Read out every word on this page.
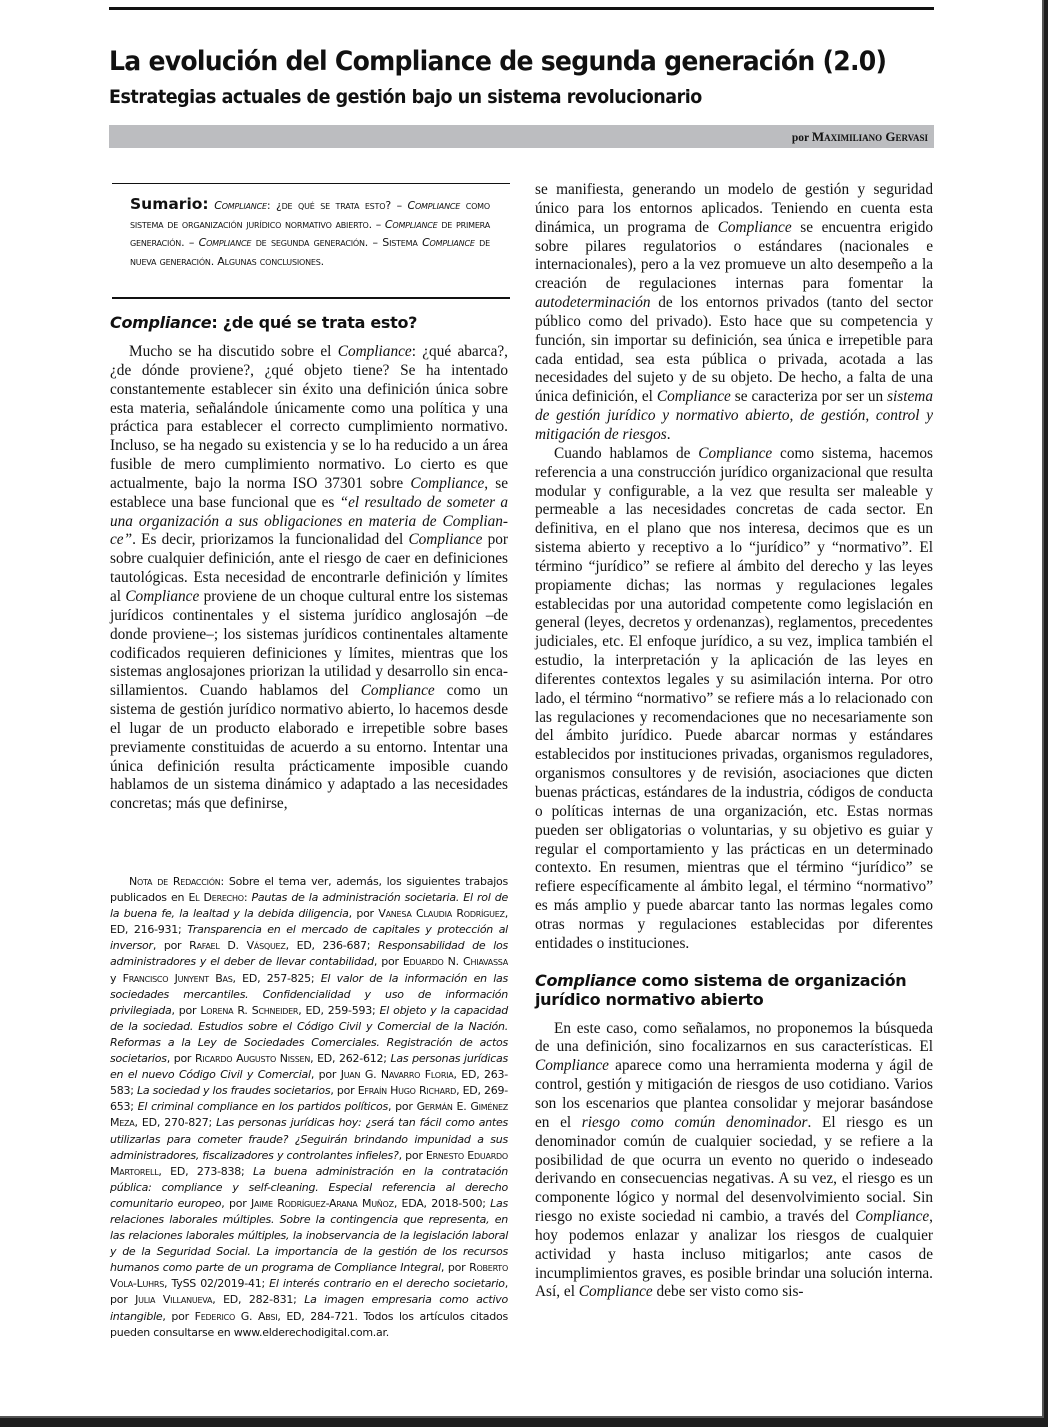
La evolución del Compliance de segunda generación (2.0)
Estrategias actuales de gestión bajo un sistema revolucionario
por Maximiliano Gervasi
Sumario: Compliance: ¿de qué se trata esto? – Compliance como sistema de organización jurídico normativo abierto. – Compliance de primera generación. – Compliance de segunda generación. – Sistema Compliance de nueva generación. Algunas conclusiones.
Compliance: ¿de qué se trata esto?

Mucho se ha discutido sobre el Compliance: ¿qué abarca?, ¿de dónde proviene?, ¿qué objeto tiene? Se ha intentado constantemente establecer sin éxito una definición única sobre esta materia, señalándole únicamente como una política y una práctica para establecer el correcto cumplimiento normativo. Incluso, se ha negado su existencia y se lo ha reducido a un área fusible de mero cumplimiento normativo. Lo cierto es que actualmente, bajo la norma ISO 37301 sobre Compliance, se establece una base funcional que es “el resultado de someter a una organización a sus obligaciones en materia de Compliance”. Es decir, priorizamos la funcionalidad del Compliance por sobre cualquier definición, ante el riesgo de caer en definiciones tautológicas. Esta necesidad de encontrarle definición y límites al Compliance proviene de un choque cultural entre los sistemas jurídicos continentales y el sistema jurídico anglosajón –de donde proviene–; los sistemas jurídicos continentales altamente codificados requieren definiciones y límites, mientras que los sistemas anglosajones priorizan la utilidad y desarrollo sin encasillamientos. Cuando hablamos del Compliance como un sistema de gestión jurídico normativo abierto, lo hacemos desde el lugar de un producto elaborado e irrepetible sobre bases previamente constituidas de acuerdo a su entorno. Intentar una única definición resulta prácticamente imposible cuando hablamos de un sistema dinámico y adaptado a las necesidades concretas; más que definirse,

Nota de Redacción: Sobre el tema ver, además, los siguientes trabajos publicados en El Derecho: Pautas de la administración societaria. El rol de la buena fe, la lealtad y la debida diligencia, por Vanesa Claudia Rodríguez, ED, 216-931; Transparencia en el mercado de capitales y protección al inversor, por Rafael D. Vásquez, ED, 236-687; Responsabilidad de los administradores y el deber de llevar contabilidad, por Eduardo N. Chiavassa y Francisco Junyent Bas, ED, 257-825; El valor de la información en las sociedades mercantiles. Confidencialidad y uso de información privilegiada, por Lorena R. Schneider, ED, 259-593; El objeto y la capacidad de la sociedad. Estudios sobre el Código Civil y Comercial de la Nación. Reformas a la Ley de Sociedades Comerciales. Registración de actos societarios, por Ricardo Augusto Nissen, ED, 262-612; Las personas jurídicas en el nuevo Código Civil y Comercial, por Juan G. Navarro Floria, ED, 263-583; La sociedad y los fraudes societarios, por Efraín Hugo Richard, ED, 269-653; El criminal compliance en los partidos políticos, por Germán E. Giménez Meza, ED, 270-827; Las personas jurídicas hoy: ¿será tan fácil como antes utilizarlas para cometer fraude? ¿Seguirán brindando impunidad a sus administradores, fiscalizadores y controlantes infieles?, por Ernesto Eduardo Martorell, ED, 273-838; La buena administración en la contratación pública: compliance y self-cleaning. Especial referencia al derecho comunitario europeo, por Jaime Rodríguez-Arana Muñoz, EDA, 2018-500; Las relaciones laborales múltiples. Sobre la contingencia que representa, en las relaciones laborales múltiples, la inobservancia de la legislación laboral y de la Seguridad Social. La importancia de la gestión de los recursos humanos como parte de un programa de Compliance Integral, por Roberto Vola-Luhrs, TySS 02/2019-41; El interés contrario en el derecho societario, por Julia Villanueva, ED, 282-831; La imagen empresaria como activo intangible, por Federico G. Absi, ED, 284-721. Todos los artículos citados pueden consultarse en www.elderechodigital.com.ar.

se manifiesta, generando un modelo de gestión y seguridad único para los entornos aplicados. Teniendo en cuenta esta dinámica, un programa de Compliance se encuentra erigido sobre pilares regulatorios o estándares (nacionales e internacionales), pero a la vez promueve un alto desempeño a la creación de regulaciones internas para fomentar la autodeterminación de los entornos privados (tanto del sector público como del privado). Esto hace que su competencia y función, sin importar su definición, sea única e irrepetible para cada entidad, sea esta pública o privada, acotada a las necesidades del sujeto y de su objeto. De hecho, a falta de una única definición, el Compliance se caracteriza por ser un sistema de gestión jurídico y normativo abierto, de gestión, control y mitigación de riesgos.

Cuando hablamos de Compliance como sistema, hacemos referencia a una construcción jurídico organizacional que resulta modular y configurable, a la vez que resulta ser maleable y permeable a las necesidades concretas de cada sector. En definitiva, en el plano que nos interesa, decimos que es un sistema abierto y receptivo a lo “jurídico” y “normativo”. El término “jurídico” se refiere al ámbito del derecho y las leyes propiamente dichas; las normas y regulaciones legales establecidas por una autoridad competente como legislación en general (leyes, decretos y ordenanzas), reglamentos, precedentes judiciales, etc. El enfoque jurídico, a su vez, implica también el estudio, la interpretación y la aplicación de las leyes en diferentes contextos legales y su asimilación interna. Por otro lado, el término “normativo” se refiere más a lo relacionado con las regulaciones y recomendaciones que no necesariamente son del ámbito jurídico. Puede abarcar normas y estándares establecidos por instituciones privadas, organismos reguladores, organismos consultores y de revisión, asociaciones que dicten buenas prácticas, estándares de la industria, códigos de conducta o políticas internas de una organización, etc. Estas normas pueden ser obligatorias o voluntarias, y su objetivo es guiar y regular el comportamiento y las prácticas en un determinado contexto. En resumen, mientras que el término “jurídico” se refiere específicamente al ámbito legal, el término “normativo” es más amplio y puede abarcar tanto las normas legales como otras normas y regulaciones establecidas por diferentes entidades o instituciones.

Compliance como sistema de organización jurídico normativo abierto

En este caso, como señalamos, no proponemos la búsqueda de una definición, sino focalizarnos en sus características. El Compliance aparece como una herramienta moderna y ágil de control, gestión y mitigación de riesgos de uso cotidiano. Varios son los escenarios que plantea consolidar y mejorar basándose en el riesgo como común denominador. El riesgo es un denominador común de cualquier sociedad, y se refiere a la posibilidad de que ocurra un evento no querido o indeseado derivando en consecuencias negativas. A su vez, el riesgo es un componente lógico y normal del desenvolvimiento social. Sin riesgo no existe sociedad ni cambio, a través del Compliance, hoy podemos enlazar y analizar los riesgos de cualquier actividad y hasta incluso mitigarlos; ante casos de incumplimientos graves, es posible brindar una solución interna. Así, el Compliance debe ser visto como sis-
